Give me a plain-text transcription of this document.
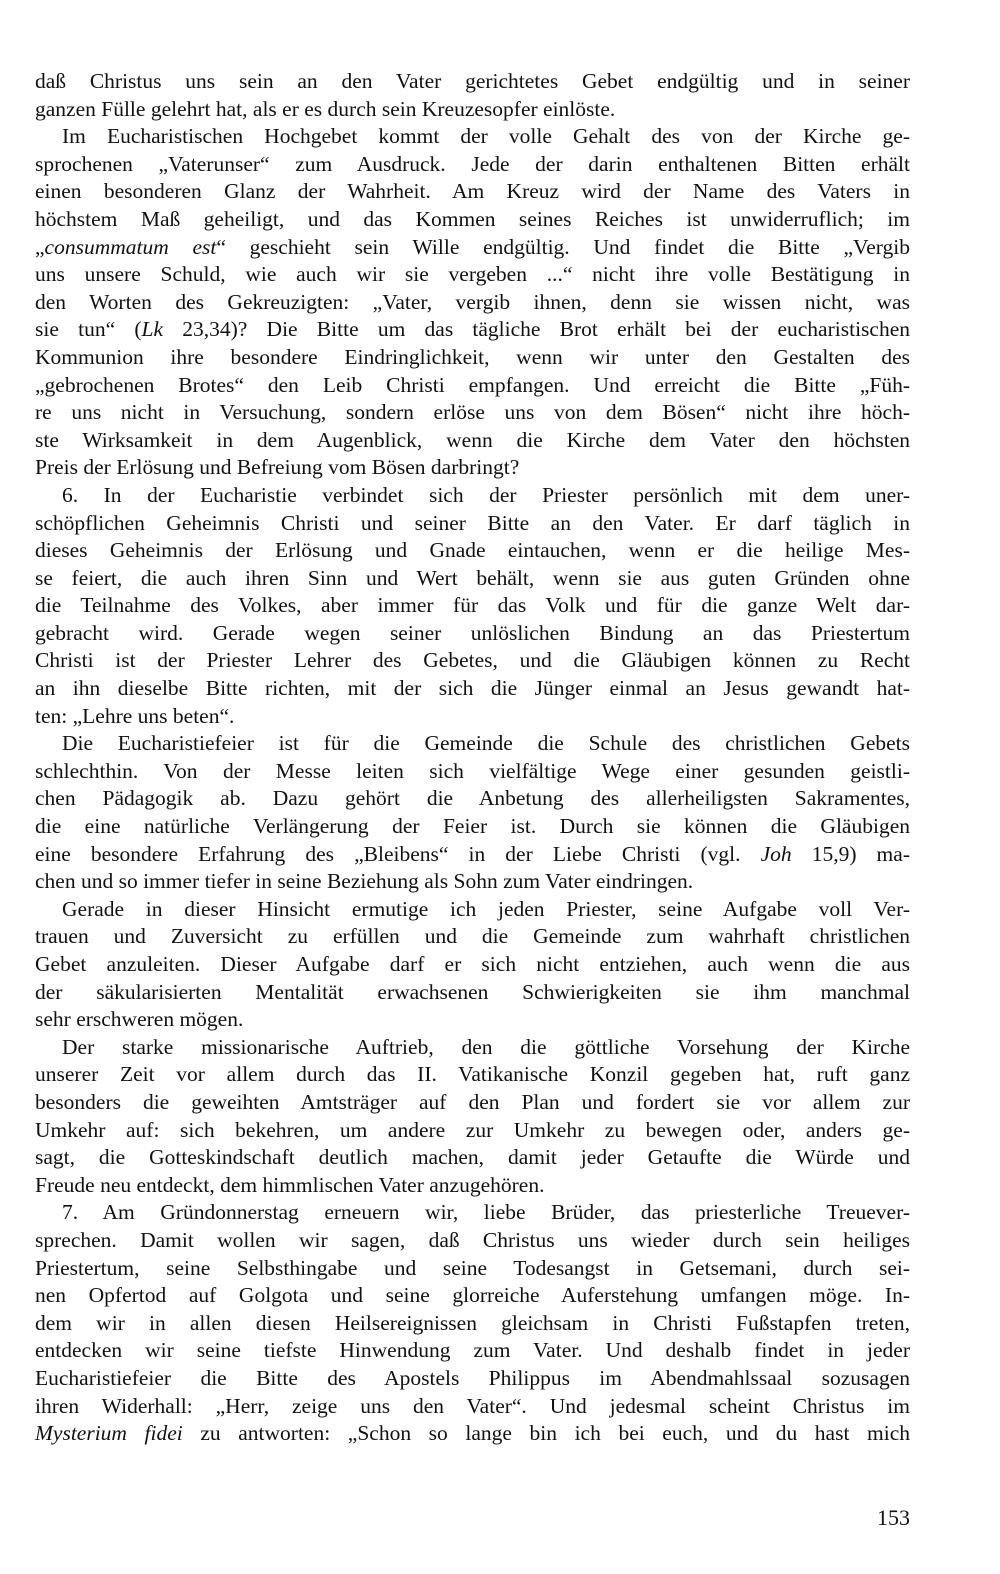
daß Christus uns sein an den Vater gerichtetes Gebet endgültig und in seiner
ganzen Fülle gelehrt hat, als er es durch sein Kreuzesopfer einlöste.
Im Eucharistischen Hochgebet kommt der volle Gehalt des von der Kirche ge-
sprochenen „Vaterunser“ zum Ausdruck. Jede der darin enthaltenen Bitten erhält
einen besonderen Glanz der Wahrheit. Am Kreuz wird der Name des Vaters in
höchstem Maß geheiligt, und das Kommen seines Reiches ist unwiderruflich; im
„consummatum est“ geschieht sein Wille endgültig. Und findet die Bitte „Vergib
uns unsere Schuld, wie auch wir sie vergeben ...“ nicht ihre volle Bestätigung in
den Worten des Gekreuzigten: „Vater, vergib ihnen, denn sie wissen nicht, was
sie tun“ (Lk 23,34)? Die Bitte um das tägliche Brot erhält bei der eucharistischen
Kommunion ihre besondere Eindringlichkeit, wenn wir unter den Gestalten des
„gebrochenen Brotes“ den Leib Christi empfangen. Und erreicht die Bitte „Füh-
re uns nicht in Versuchung, sondern erlöse uns von dem Bösen“ nicht ihre höch-
ste Wirksamkeit in dem Augenblick, wenn die Kirche dem Vater den höchsten
Preis der Erlösung und Befreiung vom Bösen darbringt?
6. In der Eucharistie verbindet sich der Priester persönlich mit dem uner-
schöpflichen Geheimnis Christi und seiner Bitte an den Vater. Er darf täglich in
dieses Geheimnis der Erlösung und Gnade eintauchen, wenn er die heilige Mes-
se feiert, die auch ihren Sinn und Wert behält, wenn sie aus guten Gründen ohne
die Teilnahme des Volkes, aber immer für das Volk und für die ganze Welt dar-
gebracht wird. Gerade wegen seiner unlöslichen Bindung an das Priestertum
Christi ist der Priester Lehrer des Gebetes, und die Gläubigen können zu Recht
an ihn dieselbe Bitte richten, mit der sich die Jünger einmal an Jesus gewandt hat-
ten: „Lehre uns beten“.
Die Eucharistiefeier ist für die Gemeinde die Schule des christlichen Gebets
schlechthin. Von der Messe leiten sich vielfältige Wege einer gesunden geistli-
chen Pädagogik ab. Dazu gehört die Anbetung des allerheiligsten Sakramentes,
die eine natürliche Verlängerung der Feier ist. Durch sie können die Gläubigen
eine besondere Erfahrung des „Bleibens“ in der Liebe Christi (vgl. Joh 15,9) ma-
chen und so immer tiefer in seine Beziehung als Sohn zum Vater eindringen.
Gerade in dieser Hinsicht ermutige ich jeden Priester, seine Aufgabe voll Ver-
trauen und Zuversicht zu erfüllen und die Gemeinde zum wahrhaft christlichen
Gebet anzuleiten. Dieser Aufgabe darf er sich nicht entziehen, auch wenn die aus
der säkularisierten Mentalität erwachsenen Schwierigkeiten sie ihm manchmal
sehr erschweren mögen.
Der starke missionarische Auftrieb, den die göttliche Vorsehung der Kirche
unserer Zeit vor allem durch das II. Vatikanische Konzil gegeben hat, ruft ganz
besonders die geweihten Amtsträger auf den Plan und fordert sie vor allem zur
Umkehr auf: sich bekehren, um andere zur Umkehr zu bewegen oder, anders ge-
sagt, die Gotteskindschaft deutlich machen, damit jeder Getaufte die Würde und
Freude neu entdeckt, dem himmlischen Vater anzugehören.
7. Am Gründonnerstag erneuern wir, liebe Brüder, das priesterliche Treuever-
sprechen. Damit wollen wir sagen, daß Christus uns wieder durch sein heiliges
Priestertum, seine Selbsthingabe und seine Todesangst in Getsemani, durch sei-
nen Opfertod auf Golgota und seine glorreiche Auferstehung umfangen möge. In-
dem wir in allen diesen Heilsereignissen gleichsam in Christi Fußstapfen treten,
entdecken wir seine tiefste Hinwendung zum Vater. Und deshalb findet in jeder
Eucharistiefeier die Bitte des Apostels Philippus im Abendmahlssaal sozusagen
ihren Widerhall: „Herr, zeige uns den Vater“. Und jedesmal scheint Christus im
Mysterium fidei zu antworten: „Schon so lange bin ich bei euch, und du hast mich
153
